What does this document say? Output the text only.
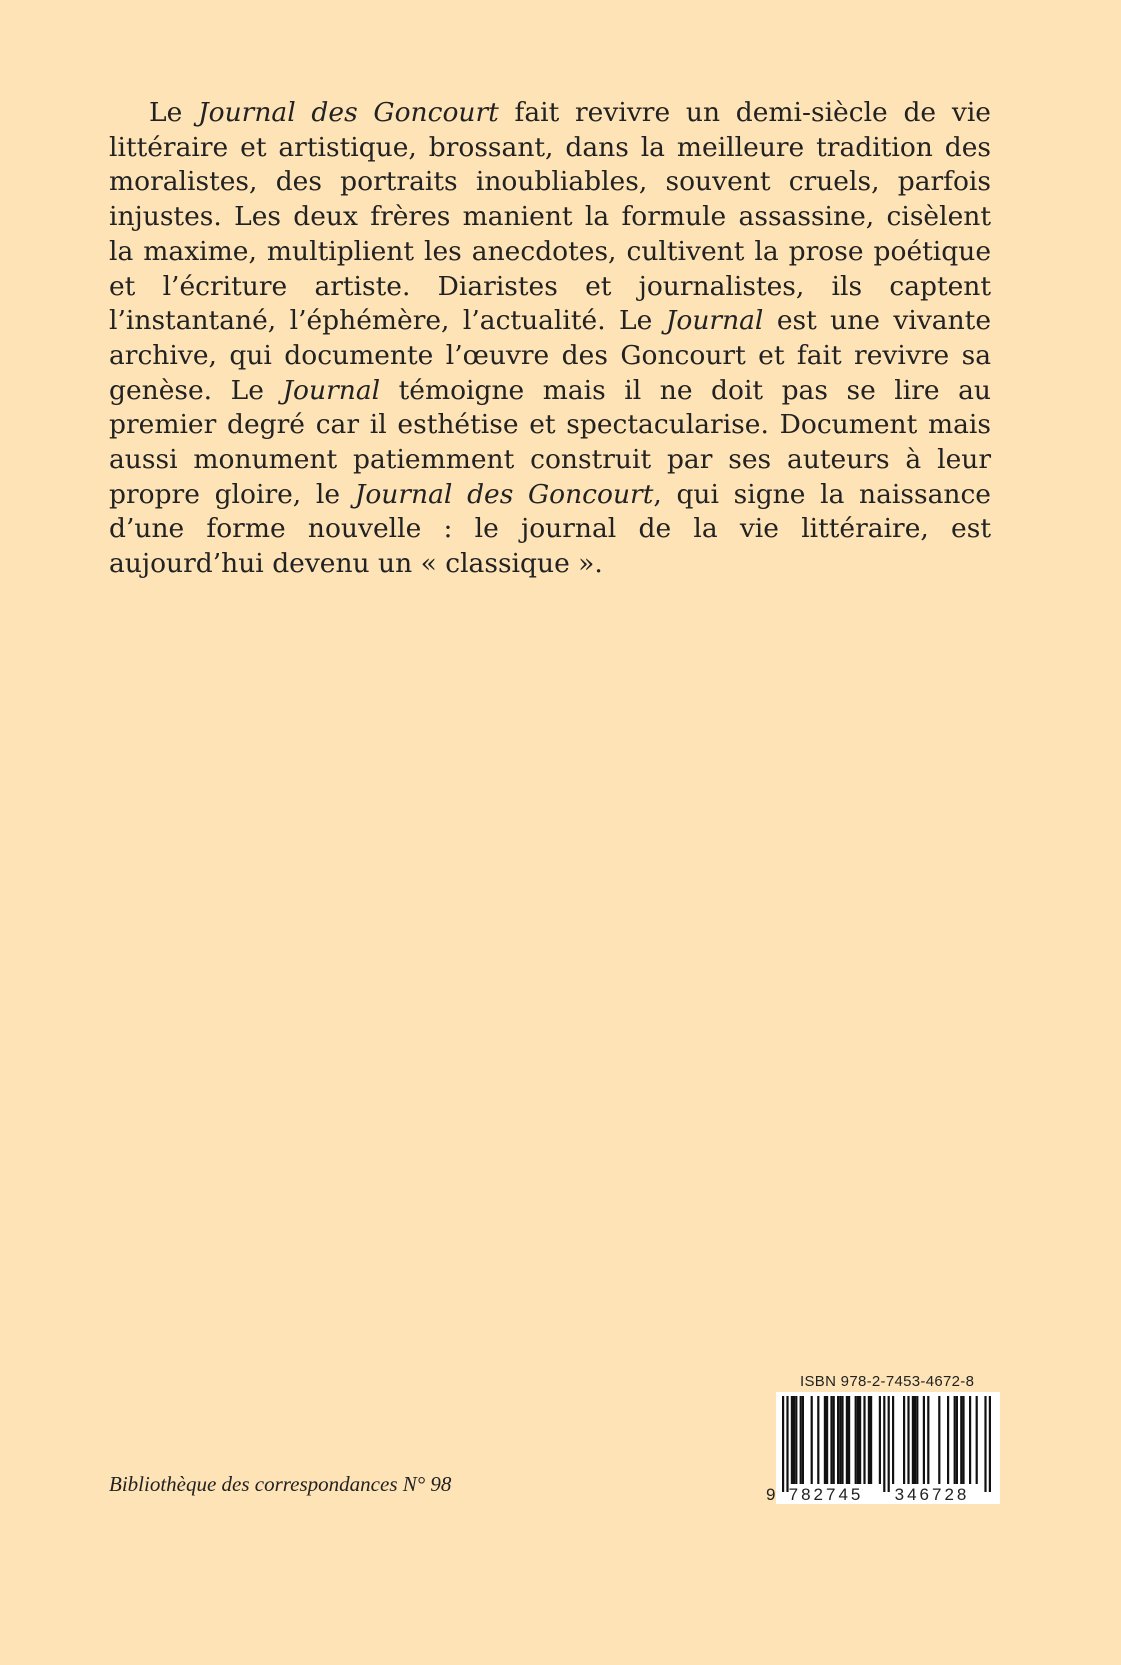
Le Journal des Goncourt fait revivre un demi-siècle de vie littéraire et artistique, brossant, dans la meilleure tradition des moralistes, des portraits inoubliables, souvent cruels, parfois injustes. Les deux frères manient la formule assassine, cisèlent la maxime, multiplient les anecdotes, cultivent la prose poétique et l’écriture artiste. Diaristes et journalistes, ils captent l’instantané, l’éphémère, l’actualité. Le Journal est une vivante archive, qui documente l’œuvre des Goncourt et fait revivre sa genèse. Le Journal témoigne mais il ne doit pas se lire au premier degré car il esthétise et spectacularise. Document mais aussi monument patiemment construit par ses auteurs à leur propre gloire, le Journal des Goncourt, qui signe la naissance d’une forme nouvelle : le journal de la vie littéraire, est aujourd’hui devenu un « classique ».

Bibliothèque des correspondances N° 98
ISBN 978-2-7453-4672-8
9 782745 346728
